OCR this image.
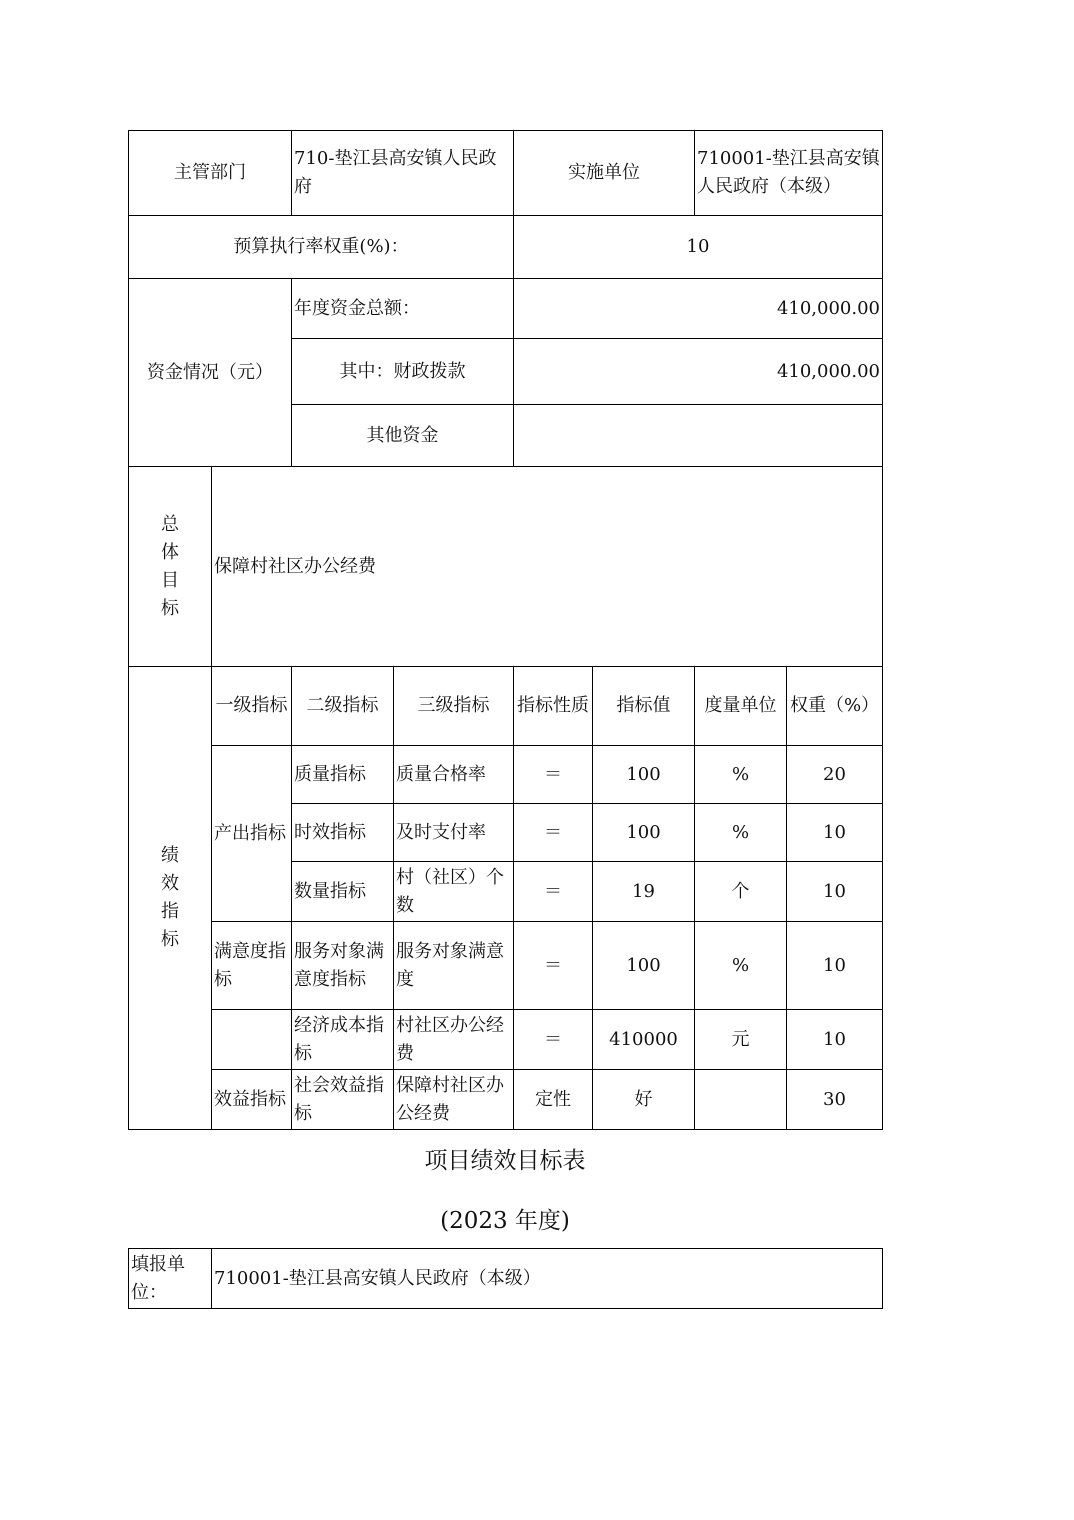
主管部门		710-垫江县高安镇人民政府		实施单位		710001-垫江县高安镇人民政府（本级）	
预算执行率权重(%)：				10			
资金情况（元）		年度资金总额：		410,000.00			
		其中：财政拨款		410,000.00			
		其他资金					
总体目标	保障村社区办公经费						
绩效指标	一级指标	二级指标	三级指标	指标性质	指标值	度量单位	权重（%）
	产出指标	质量指标	质量合格率	＝	100	%	20
		时效指标	及时支付率	＝	100	%	10
		数量指标	村（社区）个数	＝	19	个	10
	满意度指标	服务对象满意度指标	服务对象满意度	＝	100	%	10
		经济成本指标	村社区办公经费	＝	410000	元	10
	效益指标	社会效益指标	保障村社区办公经费	定性	好		30
项目绩效目标表
(2023 年度)
填报单位：	710001-垫江县高安镇人民政府（本级）
